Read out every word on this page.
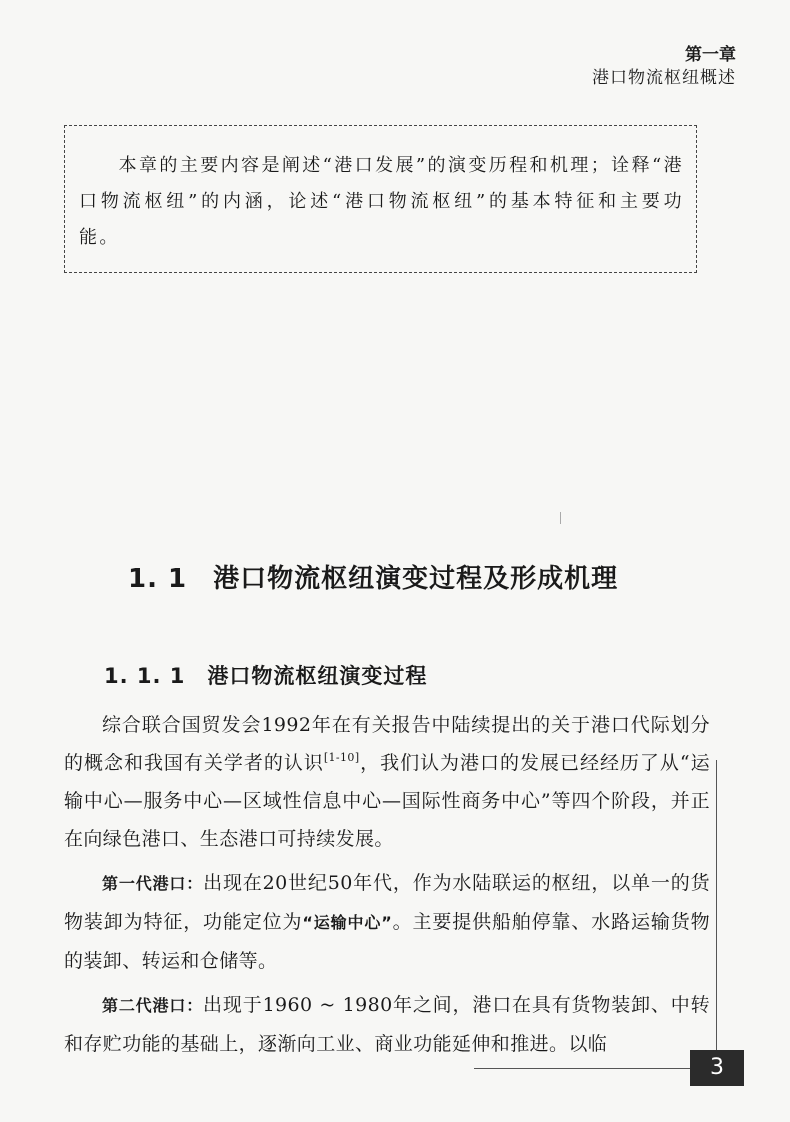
第一章
港口物流枢纽概述
本章的主要内容是阐述“港口发展”的演变历程和机理；诠释“港口物流枢纽”的内涵，论述“港口物流枢纽”的基本特征和主要功能。
1. 1 港口物流枢纽演变过程及形成机理
1. 1. 1 港口物流枢纽演变过程

综合联合国贸发会1992年在有关报告中陆续提出的关于港口代际划分的概念和我国有关学者的认识[1-10]，我们认为港口的发展已经经历了从“运输中心—服务中心—区域性信息中心—国际性商务中心”等四个阶段，并正在向绿色港口、生态港口可持续发展。

第一代港口：出现在20世纪50年代，作为水陆联运的枢纽，以单一的货物装卸为特征，功能定位为“运输中心”。主要提供船舶停靠、水路运输货物的装卸、转运和仓储等。

第二代港口：出现于1960 ~ 1980年之间，港口在具有货物装卸、中转和存贮功能的基础上，逐渐向工业、商业功能延伸和推进。以临

3
